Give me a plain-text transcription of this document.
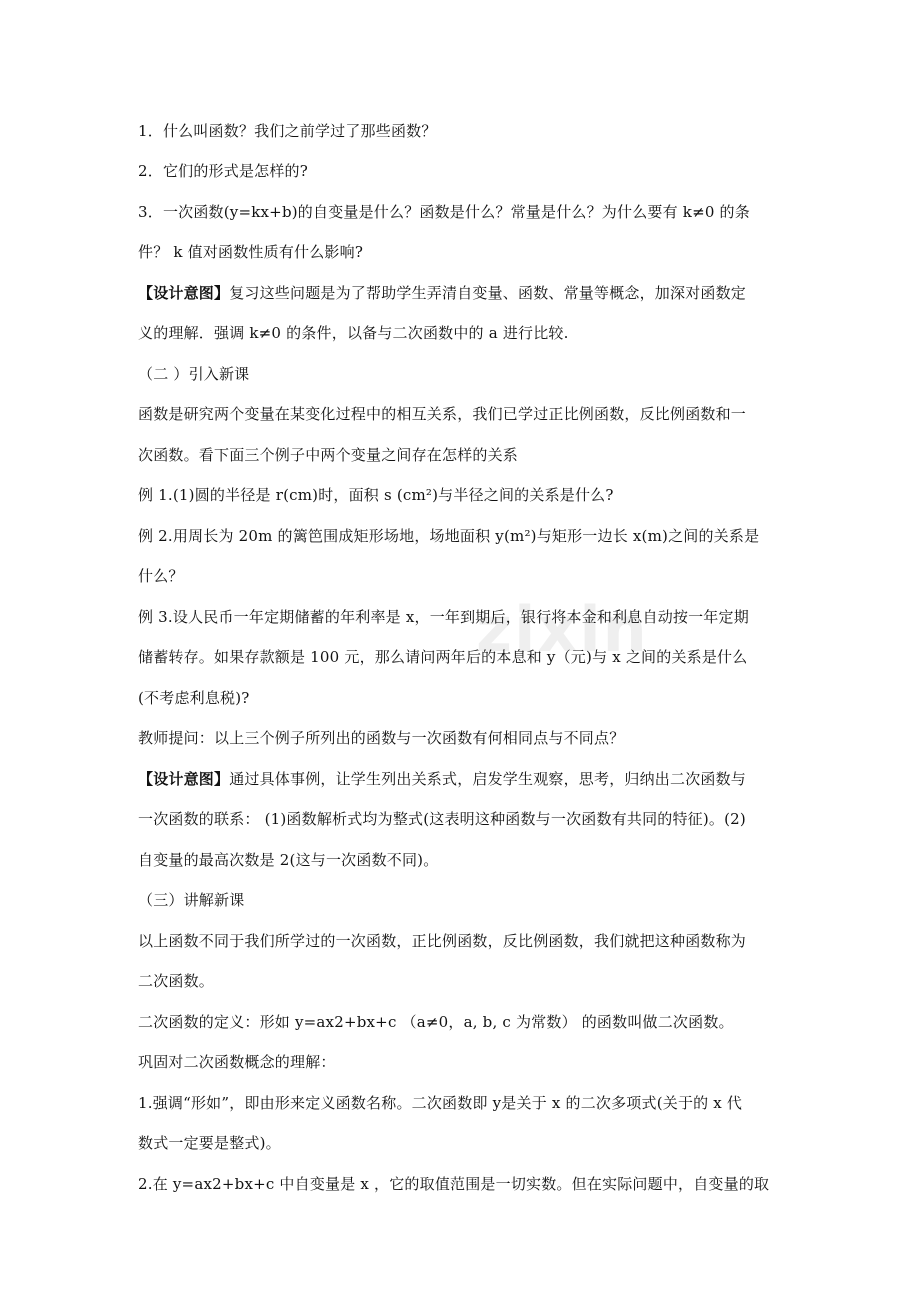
1．什么叫函数？我们之前学过了那些函数？
2．它们的形式是怎样的?
3．一次函数(y=kx+b)的自变量是什么？函数是什么？常量是什么？为什么要有 k≠0 的条
件？ k 值对函数性质有什么影响?
【设计意图】复习这些问题是为了帮助学生弄清自变量、函数、常量等概念，加深对函数定
义的理解．强调 k≠0 的条件，以备与二次函数中的 a 进行比较.
（二 ）引入新课
函数是研究两个变量在某变化过程中的相互关系，我们已学过正比例函数，反比例函数和一
次函数。看下面三个例子中两个变量之间存在怎样的关系
例 1.(1)圆的半径是 r(cm)时，面积 s (cm²)与半径之间的关系是什么?
例 2.用周长为 20m 的篱笆围成矩形场地，场地面积 y(m²)与矩形一边长 x(m)之间的关系是
什么？
例 3.设人民币一年定期储蓄的年利率是 x，一年到期后，银行将本金和利息自动按一年定期
储蓄转存。如果存款额是 100 元，那么请问两年后的本息和 y（元)与 x 之间的关系是什么
(不考虑利息税)?
教师提问：以上三个例子所列出的函数与一次函数有何相同点与不同点？
【设计意图】通过具体事例，让学生列出关系式，启发学生观察，思考，归纳出二次函数与
一次函数的联系： (1)函数解析式均为整式(这表明这种函数与一次函数有共同的特征)。(2)
自变量的最高次数是 2(这与一次函数不同)。
（三）讲解新课
以上函数不同于我们所学过的一次函数，正比例函数，反比例函数，我们就把这种函数称为
二次函数。
二次函数的定义：形如 y=ax2+bx+c （a≠0，a, b, c 为常数） 的函数叫做二次函数。
巩固对二次函数概念的理解：
1.强调“形如”，即由形来定义函数名称。二次函数即 y是关于 x 的二次多项式(关于的 x 代
数式一定要是整式)。
2.在 y=ax2+bx+c 中自变量是 x ，它的取值范围是一切实数。但在实际问题中，自变量的取
zixin
